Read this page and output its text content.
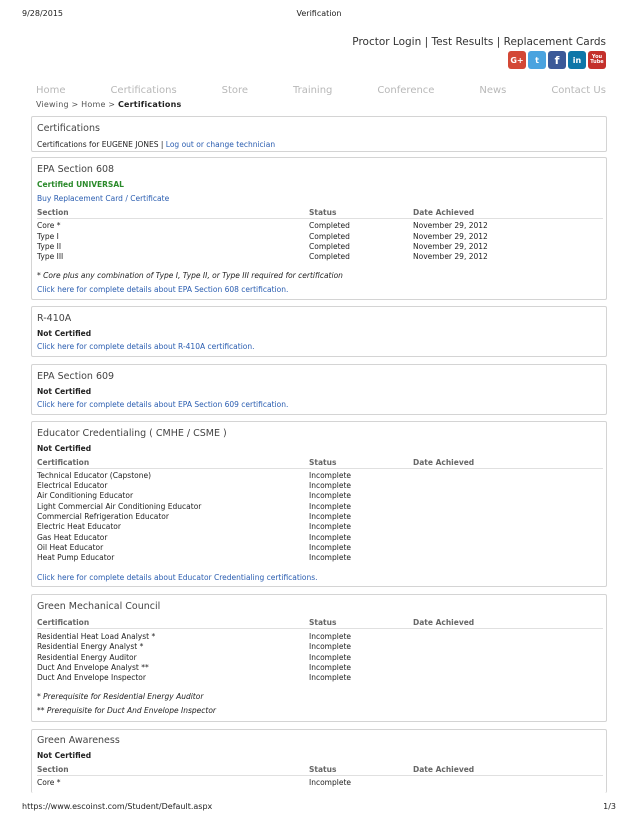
9/28/2015	Verification
https://www.escoinst.com/Student/Default.aspx	1/3
Proctor Login | Test Results | Replacement Cards
G+	t	f	in	You Tube
Home	Certifications	Store	Training	Conference	News	Contact Us
Viewing > Home > Certifications
Certifications
Certifications for EUGENE JONES | Log out or change technician
EPA Section 608
Certified UNIVERSAL
Buy Replacement Card / Certificate
Section	Status	Date Achieved
Core *	Completed	November 29, 2012
Type I	Completed	November 29, 2012
Type II	Completed	November 29, 2012
Type III	Completed	November 29, 2012
* Core plus any combination of Type I, Type II, or Type III required for certification
Click here for complete details about EPA Section 608 certification.
R-410A
Not Certified
Click here for complete details about R-410A certification.
EPA Section 609
Not Certified
Click here for complete details about EPA Section 609 certification.
Educator Credentialing ( CMHE / CSME )
Not Certified
Certification	Status	Date Achieved
Technical Educator (Capstone)	Incomplete
Electrical Educator	Incomplete
Air Conditioning Educator	Incomplete
Light Commercial Air Conditioning Educator	Incomplete
Commercial Refrigeration Educator	Incomplete
Electric Heat Educator	Incomplete
Gas Heat Educator	Incomplete
Oil Heat Educator	Incomplete
Heat Pump Educator	Incomplete
Click here for complete details about Educator Credentialing certifications.
Green Mechanical Council
Certification	Status	Date Achieved
Residential Heat Load Analyst *	Incomplete
Residential Energy Analyst *	Incomplete
Residential Energy Auditor	Incomplete
Duct And Envelope Analyst **	Incomplete
Duct And Envelope Inspector	Incomplete
* Prerequisite for Residential Energy Auditor
** Prerequisite for Duct And Envelope Inspector
Green Awareness
Not Certified
Section	Status	Date Achieved
Core *	Incomplete
